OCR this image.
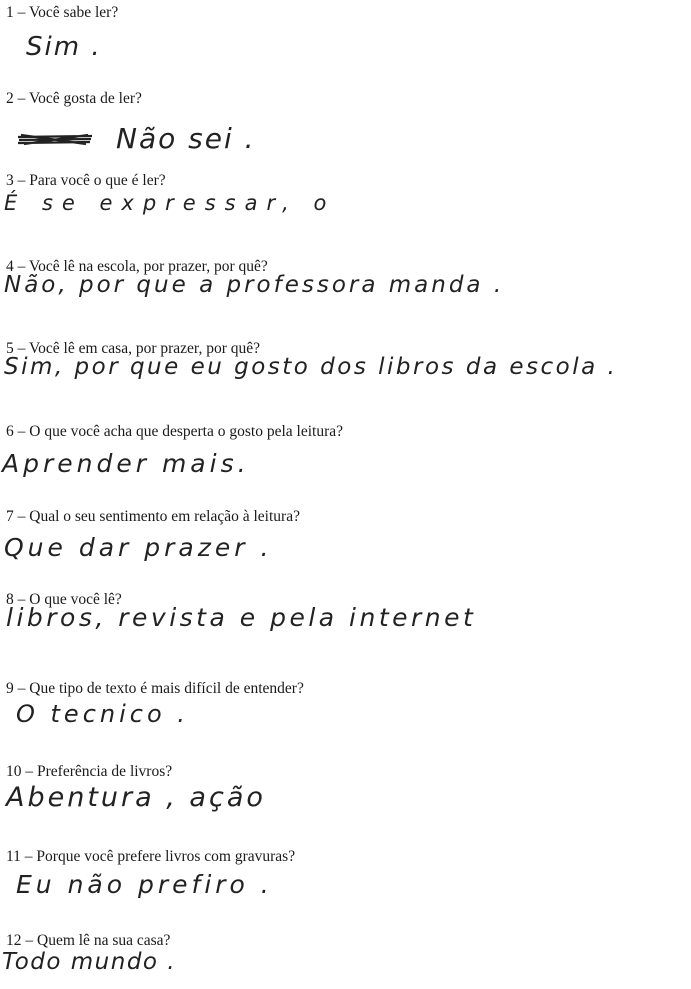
1 – Você sabe ler?
Sim .
2 – Você gosta de ler?
Não sei .
3 – Para você o que é ler?
É se expressar, o
4 – Você lê na escola, por prazer, por quê?
Não, por que a professora manda .
5 – Você lê em casa, por prazer, por quê?
Sim, por que eu gosto dos libros da escola .
6 – O que você acha que desperta o gosto pela leitura?
Aprender mais.
7 – Qual o seu sentimento em relação à leitura?
Que dar prazer .
8 – O que você lê?
libros, revista e pela internet
9 – Que tipo de texto é mais difícil de entender?
O tecnico .
10 – Preferência de livros?
Abentura , ação
11 – Porque você prefere livros com gravuras?
Eu não prefiro .
12 – Quem lê na sua casa?
Todo mundo .
